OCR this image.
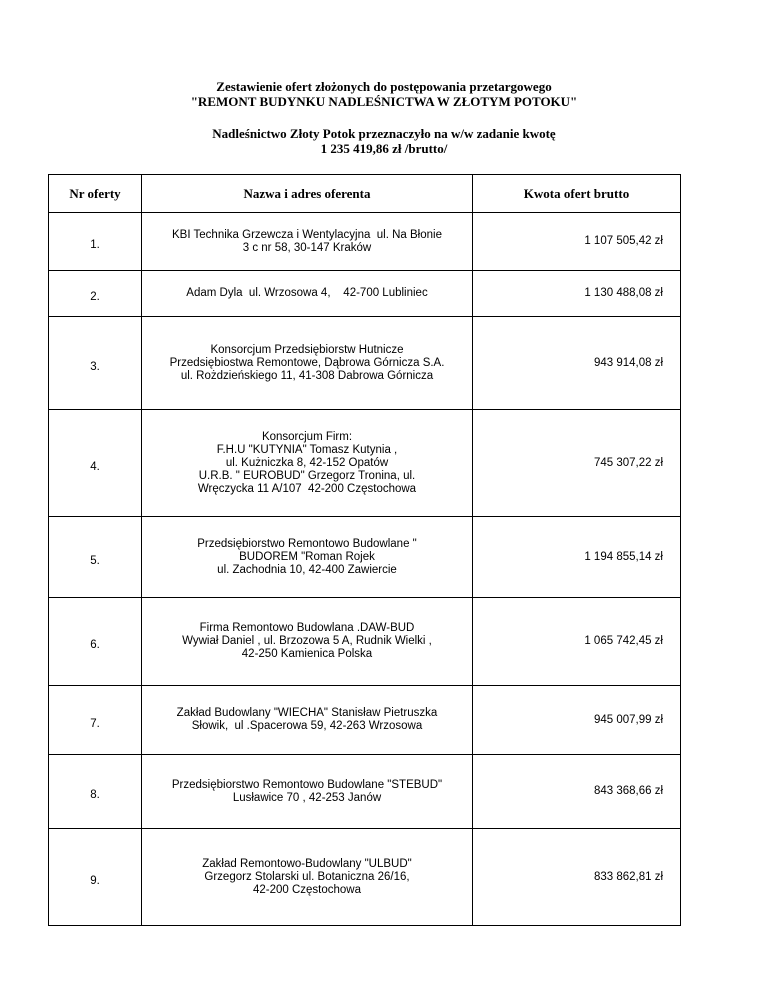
Zestawienie ofert złożonych do postępowania przetargowego
"REMONT BUDYNKU NADLEŚNICTWA W ZŁOTYM POTOKU"
Nadleśnictwo Złoty Potok przeznaczyło na w/w zadanie kwotę
1 235 419,86 zł /brutto/
Nr oferty	Nazwa i adres oferenta	Kwota ofert brutto
1.	KBI Technika Grzewcza i Wentylacyjna  ul. Na Błonie
3 c nr 58, 30-147 Kraków	1 107 505,42 zł
2.	Adam Dyla  ul. Wrzosowa 4,    42-700 Lubliniec	1 130 488,08 zł
3.	Konsorcjum Przedsiębiorstw Hutnicze
Przedsiębiostwa Remontowe, Dąbrowa Górnicza S.A.
ul. Rożdzieńskiego 11, 41-308 Dabrowa Górnicza	943 914,08 zł
4.	Konsorcjum Firm:
F.H.U "KUTYNIA" Tomasz Kutynia ,
ul. Kużniczka 8, 42-152 Opatów
U.R.B. " EUROBUD" Grzegorz Tronina, ul.
Wręczycka 11 A/107  42-200 Częstochowa	745 307,22 zł
5.	Przedsiębiorstwo Remontowo Budowlane "
BUDOREM "Roman Rojek
ul. Zachodnia 10, 42-400 Zawiercie	1 194 855,14 zł
6.	Firma Remontowo Budowlana .DAW-BUD
Wywiał Daniel , ul. Brzozowa 5 A, Rudnik Wielki ,
42-250 Kamienica Polska	1 065 742,45 zł
7.	Zakład Budowlany "WIECHA" Stanisław Pietruszka
Słowik,  ul .Spacerowa 59, 42-263 Wrzosowa	945 007,99 zł
8.	Przedsiębiorstwo Remontowo Budowlane "STEBUD"
Lusławice 70 , 42-253 Janów	843 368,66 zł
9.	Zakład Remontowo-Budowlany "ULBUD"
Grzegorz Stolarski ul. Botaniczna 26/16,
42-200 Częstochowa	833 862,81 zł
